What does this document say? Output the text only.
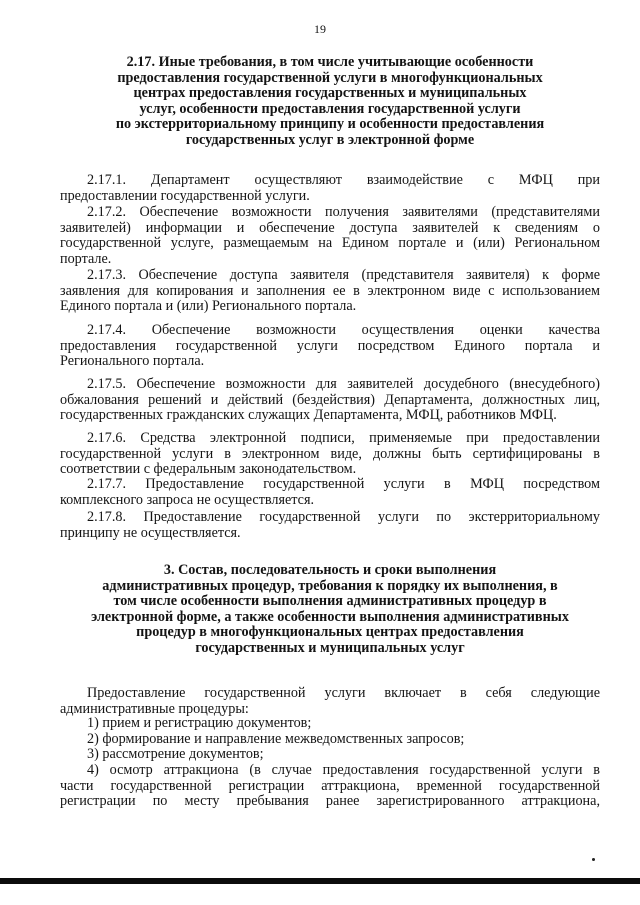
19
2.17. Иные требования, в том числе учитывающие особенности
предоставления государственной услуги в многофункциональных
центрах предоставления государственных и муниципальных
услуг, особенности предоставления государственной услуги
по экстерриториальному принципу и особенности предоставления
государственных услуг в электронной форме
2.17.1. Департамент осуществляют взаимодействие с МФЦ при
предоставлении государственной услуги.
2.17.2. Обеспечение возможности получения заявителями (представителями
заявителей) информации и обеспечение доступа заявителей к сведениям о
государственной услуге, размещаемым на Едином портале и (или) Региональном
портале.
2.17.3. Обеспечение доступа заявителя (представителя заявителя) к форме
заявления для копирования и заполнения ее в электронном виде с использованием
Единого портала и (или) Регионального портала.
2.17.4. Обеспечение возможности осуществления оценки качества
предоставления государственной услуги посредством Единого портала и
Регионального портала.
2.17.5. Обеспечение возможности для заявителей досудебного (внесудебного)
обжалования решений и действий (бездействия) Департамента, должностных лиц,
государственных гражданских служащих Департамента, МФЦ, работников МФЦ.
2.17.6. Средства электронной подписи, применяемые при предоставлении
государственной услуги в электронном виде, должны быть сертифицированы в
соответствии с федеральным законодательством.
2.17.7. Предоставление государственной услуги в МФЦ посредством
комплексного запроса не осуществляется.
2.17.8. Предоставление государственной услуги по экстерриториальному
принципу не осуществляется.
3. Состав, последовательность и сроки выполнения
административных процедур, требования к порядку их выполнения, в
том числе особенности выполнения административных процедур в
электронной форме, а также особенности выполнения административных
процедур в многофункциональных центрах предоставления
государственных и муниципальных услуг
Предоставление государственной услуги включает в себя следующие
административные процедуры:
1) прием и регистрацию документов;
2) формирование и направление межведомственных запросов;
3) рассмотрение документов;
4) осмотр аттракциона (в случае предоставления государственной услуги в
части государственной регистрации аттракциона, временной государственной
регистрации по месту пребывания ранее зарегистрированного аттракциона,
